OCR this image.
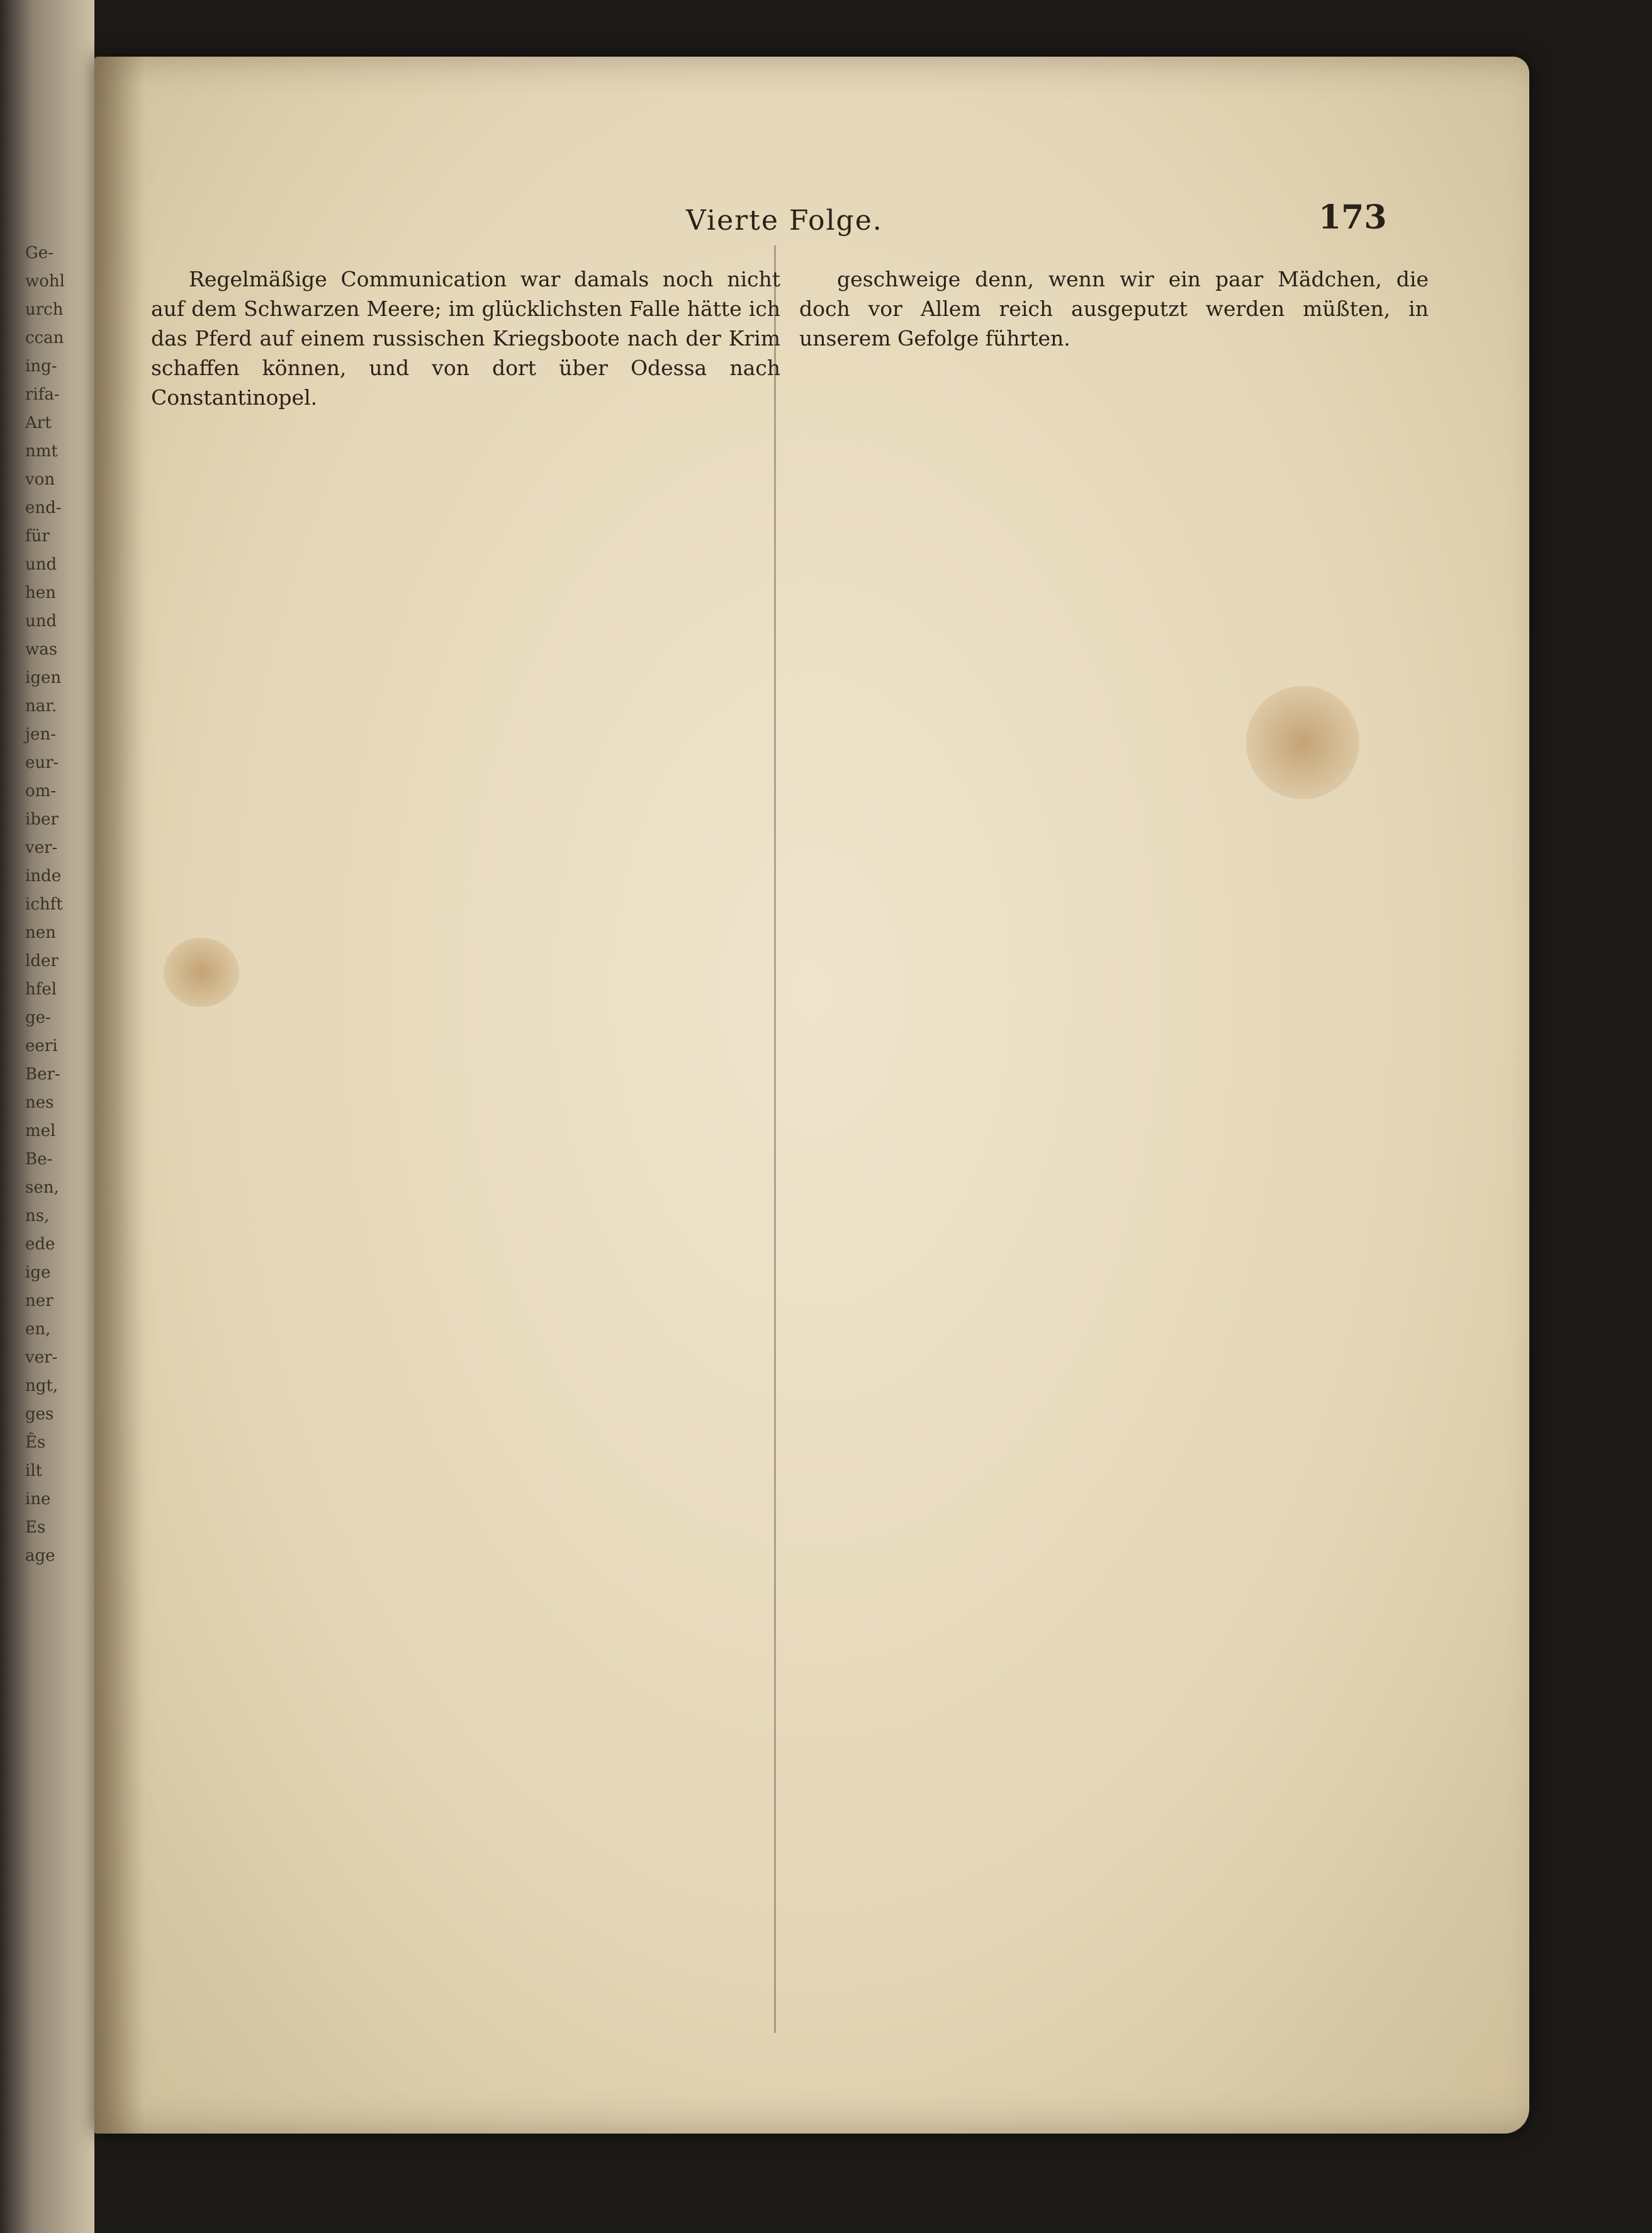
Ge-
wohl
urch
ccan
ing-
rifa-
Art
nmt
von
end-
für
und
hen
und
was
igen
nar.
jen-
eur-
om-
iber
ver-
inde
ichft
nen
lder
hfel
ge-
eeri
Ber-
nes
mel
Be-
sen,
ns,
ede
ige
ner
en,
ver-
ngt,
ges
Ês
ilt
ine
Es
age
Vierte Folge.	173

Regelmäßige Communication war damals noch nicht auf dem Schwarzen Meere; im glücklichsten Falle hätte ich das Pferd auf einem russischen Kriegsboote nach der Krim schaffen können, und von dort über Odessa nach Constantinopel.

geschweige denn, wenn wir ein paar Mädchen, die doch vor Allem reich ausgeputzt werden müßten, in unserem Gefolge führten.
